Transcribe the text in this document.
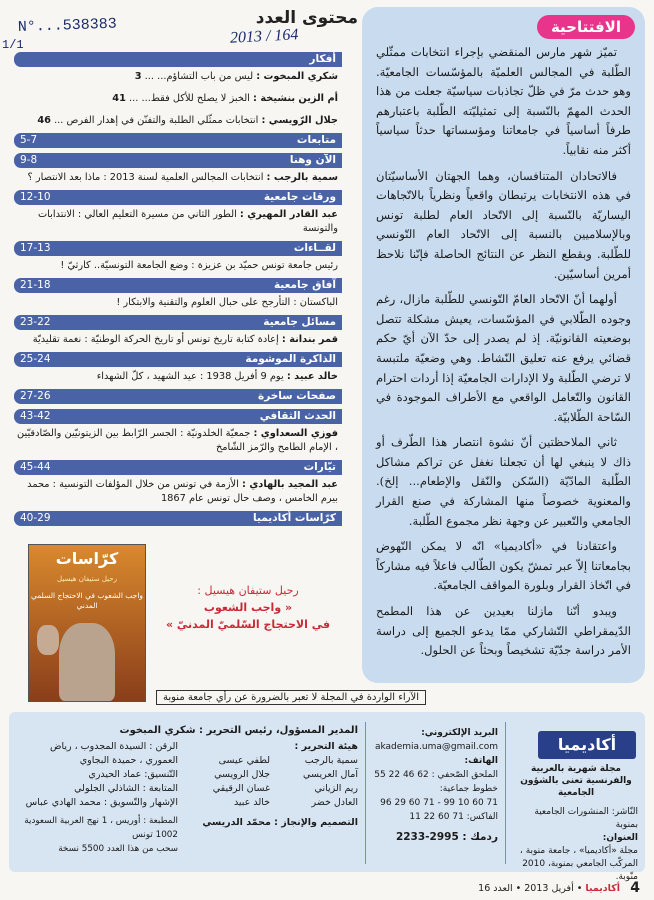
N°...538383
1/1	2013 / 164	الافتتاحية

تميّز شهر مارس المنقضي بإجراء انتخابات ممثّلي الطّلبة في المجالس العلميّة بالمؤسّسات الجامعيّة. وهو حدث مرّ في ظلّ تجاذبات سياسيّة جعلت من هذا الحدث المهمّ بالنّسبة إلى تمثيليّته الطّلبة باعتبارهم طرفاً أساسياً في جامعاتنا ومؤسساتها حدثاً سياسياً أكثر منه نقابياً.

فالاتحادان المتنافسان، وهما الجهتان الأساسيّتان في هذه الانتخابات يرتبطان واقعياً ونظرياً بالاتّجاهات اليساريّة بالنّسبة إلى الاتّحاد العام لطلبة تونس وبالإسلاميين بالنسبة إلى الاتّحاد العام التّونسي للطّلبة. وبقطع النظر عن النتائج الحاصلة فإنّنا نلاحظ أمرين أساسيّين.

أولهما أنّ الاتّحاد العامّ التّونسي للطّلبة مازال، رغم وجوده الطّلابي في المؤسّسات، يعيش مشكلة تتصل بوضعيته القانونيّة. إذ لم يصدر إلى حدّ الآن أيّ حكم قضائي يرفع عنه تعليق النّشاط. وهي وضعيّة ملتبسة لا ترضي الطّلبة ولا الإدارات الجامعيّة إذا أردات احترام القانون والتّعامل الواقعي مع الأطراف الموجودة في السّاحة الطّلابيّة.

ثاني الملاحظتين أنّ نشوة انتصار هذا الطّرف أو ذاك لا ينبغي لها أن تجعلنا نغفل عن تراكم مشاكل الطّلبة المادّيّة (السّكن والنّقل والإطعام... إلخ). والمعنوية خصوصاً منها المشاركة في صنع القرار الجامعي والتّعبير عن وجهة نظر مجموع الطّلبة.

واعتقادنا في «أكاديميا» انّه لا يمكن النّهوض بجامعاتنا إلاّ عبر تمشّ يكون الطّالب فاعلاً فيه مشاركاً في اتّخاذ القرار وبلورة المواقف الجامعيّة.

ويبدو أنّنا مازلنا بعيدين عن هذا المطمح الدّيمقراطي التّشاركي ممّا يدعو الجميع إلى دراسة الأمر دراسة جدّيّة تشخيصاً وبحثاً عن الحلول.

الآراء الواردة في المجلة لا تعبر بالضرورة عن رأي جامعة منوبة
محتوى العدد
أفكار
شكري المبخوت : ليس من باب التشاؤم... ... 3
أم الزين بنشيخة : الخبز لا يصلح للأكل فقط... ... 41
جلال الرّويسي : انتخابات ممثّلي الطلبة والتفنّن في إهدار الفرص ... 46
متابعات
5-7
الآن وهنا
9-8
سمية بالرجب : انتخابات المجالس العلمية لسنة 2013 : ماذا بعد الانتصار ؟
ورقات جامعية
12-10
عبد القادر المهيري : الطور الثاني من مسيرة التعليم العالي : الانتدابات والتونسة
لقــاءات
17-13
رئيس جامعة تونس حميّد بن عزيزة : وضع الجامعة التونسيّة.. كارثيّ !
آفاق جامعية
21-18
الباكستان : التأرجح على حبال العلوم والتقنية والابتكار !
مسائل جامعية
23-22
قمر بندانة : إعادة كتابة تاريخ تونس أو تاريخ الحركة الوطنيّة : نغمة تقليديّة
الذاكرة الموشومة
25-24
خالد عبيد : يوم 9 أفريل 1938 : عيد الشهيد ، كلّ الشهداء
صفحات ساخرة
27-26
الحدث الثقافي
43-42
فوزي السعداوي : جمعيّة الخلدونيّة : الجسر الرّابط بين الزيتونيّين والصّادقيّين ، الإمام الطامح والرّمز الشّامخ
تيّارات
45-44
عبد المجيد بالهادي : الأزمة في تونس من خلال المؤلفات التونسية : محمد بيرم الخامس ، وصف حال تونس عام 1867
كرّاسات أكاديميا
40-29
كرّاسات
رحيل ستيفان هيسيل
واجب الشعوب في الاحتجاج السلمي المدني
رحيل ستيفان هيسيل :
« واجب الشعوب
في الاحتجاج السّلميّ المدنيّ »
أكاديميا
مجلة شهرية بالعربية والفرنسية تعنى بالشؤون الجامعية
النّاشر: المنشورات الجامعية بمنوبة
العنوان:
مجلة «أكاديميا» ، جامعة منوبة ، المركّب الجامعي بمنوبة، 2010 منّوبة.
البريد الإلكتروني:
akademia.uma@gmail.com
الهاتف:
الملحق الصّحفي : 62 46 22 55
خطوط جماعية:
71 60 10 99 - 71 60 29 96
الفاكس: 71 60 22 11
ردمك : 2995-2233
المدير المسؤول، رئيس التحرير : شكري المبخوت
هيئة التحرير :
سمية بالرجب
لطفي عيسى
آمال العريسي
جلال الرويسي
ريم الزياني
غسان الرقيقي
العادل خضر
خالد عبيد
التصميم والإنجاز : محمّد الدريسي
الرقن : السيدة المجدوب ، رياض العموري ، حميدة البجاوي
التّنسيق: عماد الحيدري
المتابعة : الشاذلي الجلولي
الإشهار والتّسويق : محمد الهادي عباس
المطبعة : أوريس ، 1 نهج العربية السعودية 1002 تونس
سحب من هذا العدد 5500 نسخة
4
أكاديميا • أفريل 2013 • العدد 16
